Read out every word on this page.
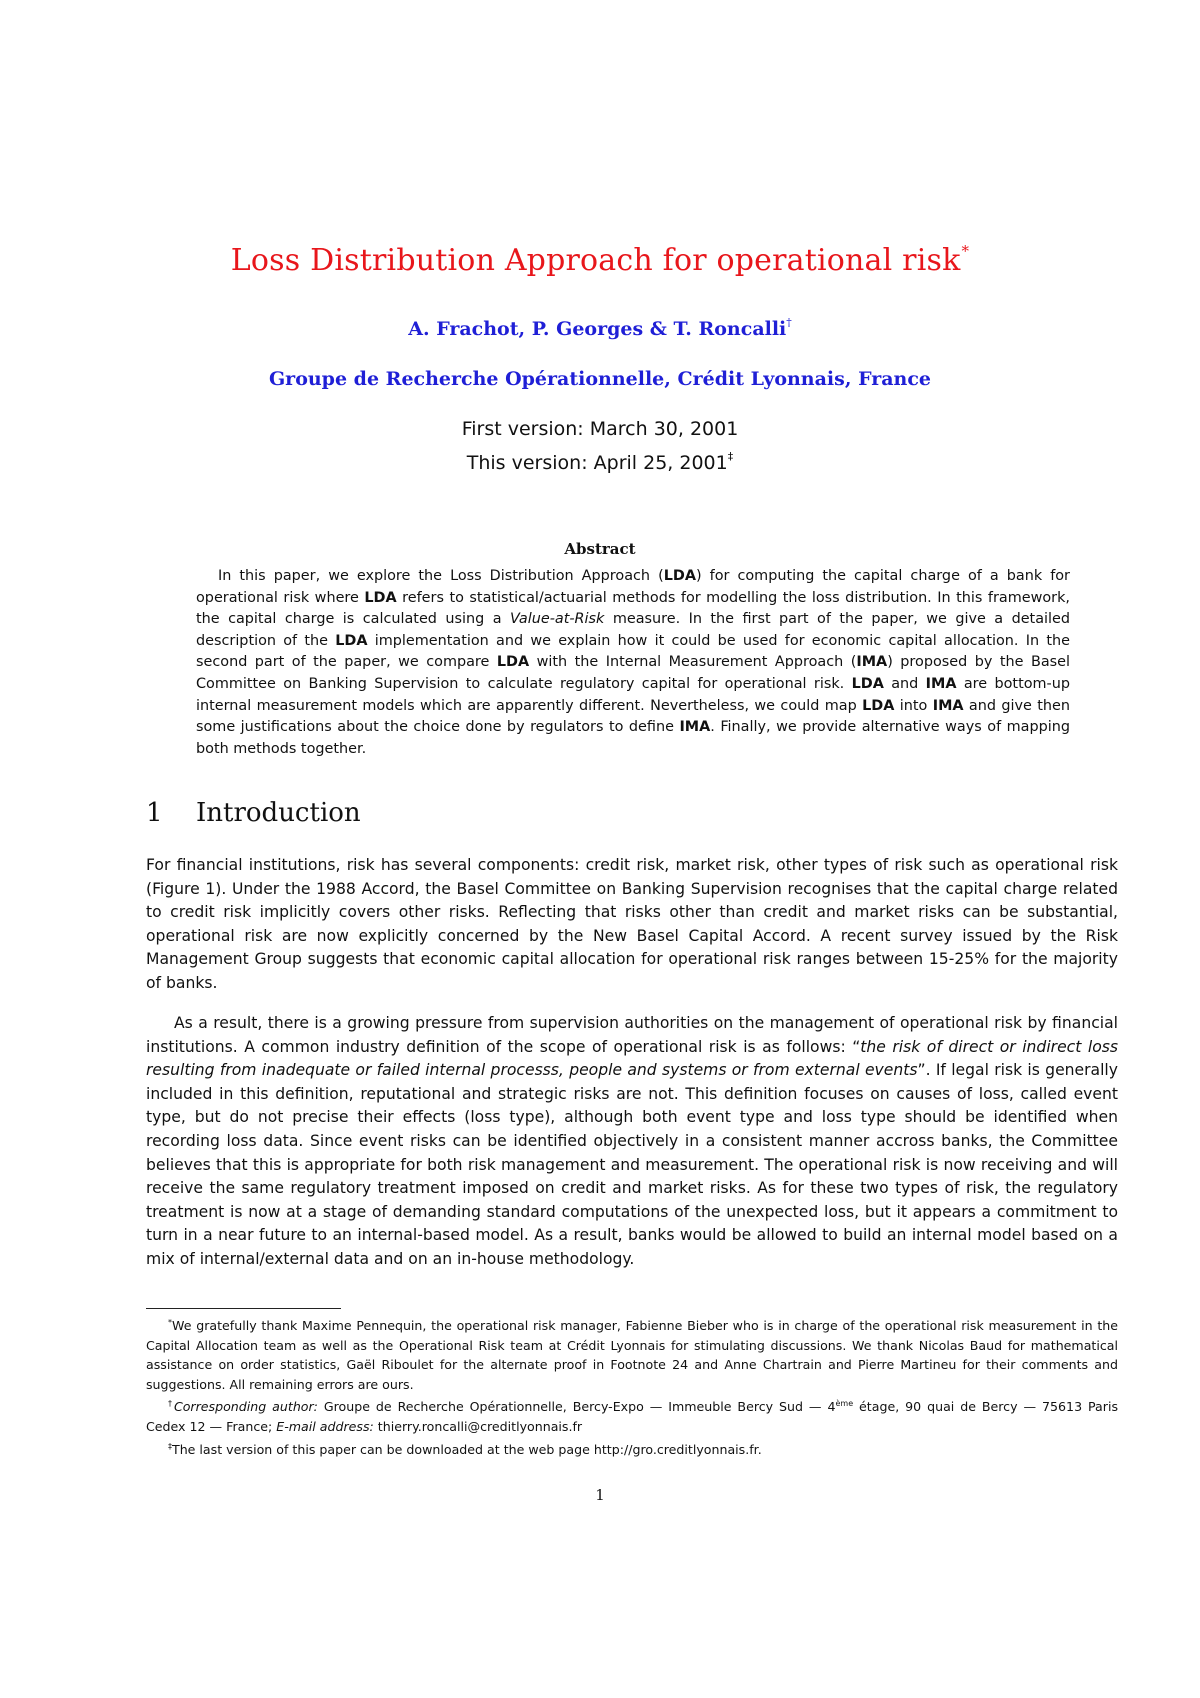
Loss Distribution Approach for operational risk*
A. Frachot, P. Georges & T. Roncalli†
Groupe de Recherche Opérationnelle, Crédit Lyonnais, France
First version: March 30, 2001
This version: April 25, 2001‡
Abstract

In this paper, we explore the Loss Distribution Approach (LDA) for computing the capital charge of a bank for operational risk where LDA refers to statistical/actuarial methods for modelling the loss distribution. In this framework, the capital charge is calculated using a Value-at-Risk measure. In the first part of the paper, we give a detailed description of the LDA implementation and we explain how it could be used for economic capital allocation. In the second part of the paper, we compare LDA with the Internal Measurement Approach (IMA) proposed by the Basel Committee on Banking Supervision to calculate regulatory capital for operational risk. LDA and IMA are bottom-up internal measurement models which are apparently different. Nevertheless, we could map LDA into IMA and give then some justifications about the choice done by regulators to define IMA. Finally, we provide alternative ways of mapping both methods together.

1 Introduction

For financial institutions, risk has several components: credit risk, market risk, other types of risk such as operational risk (Figure 1). Under the 1988 Accord, the Basel Committee on Banking Supervision recognises that the capital charge related to credit risk implicitly covers other risks. Reflecting that risks other than credit and market risks can be substantial, operational risk are now explicitly concerned by the New Basel Capital Accord. A recent survey issued by the Risk Management Group suggests that economic capital allocation for operational risk ranges between 15-25% for the majority of banks.

As a result, there is a growing pressure from supervision authorities on the management of operational risk by financial institutions. A common industry definition of the scope of operational risk is as follows: “the risk of direct or indirect loss resulting from inadequate or failed internal processs, people and systems or from external events”. If legal risk is generally included in this definition, reputational and strategic risks are not. This definition focuses on causes of loss, called event type, but do not precise their effects (loss type), although both event type and loss type should be identified when recording loss data. Since event risks can be identified objectively in a consistent manner accross banks, the Committee believes that this is appropriate for both risk management and measurement. The operational risk is now receiving and will receive the same regulatory treatment imposed on credit and market risks. As for these two types of risk, the regulatory treatment is now at a stage of demanding standard computations of the unexpected loss, but it appears a commitment to turn in a near future to an internal-based model. As a result, banks would be allowed to build an internal model based on a mix of internal/external data and on an in-house methodology.

*We gratefully thank Maxime Pennequin, the operational risk manager, Fabienne Bieber who is in charge of the operational risk measurement in the Capital Allocation team as well as the Operational Risk team at Crédit Lyonnais for stimulating discussions. We thank Nicolas Baud for mathematical assistance on order statistics, Gaël Riboulet for the alternate proof in Footnote 24 and Anne Chartrain and Pierre Martineu for their comments and suggestions. All remaining errors are ours.

†Corresponding author: Groupe de Recherche Opérationnelle, Bercy-Expo — Immeuble Bercy Sud — 4ème étage, 90 quai de Bercy — 75613 Paris Cedex 12 — France; E-mail address: thierry.roncalli@creditlyonnais.fr

‡The last version of this paper can be downloaded at the web page http://gro.creditlyonnais.fr.

1
